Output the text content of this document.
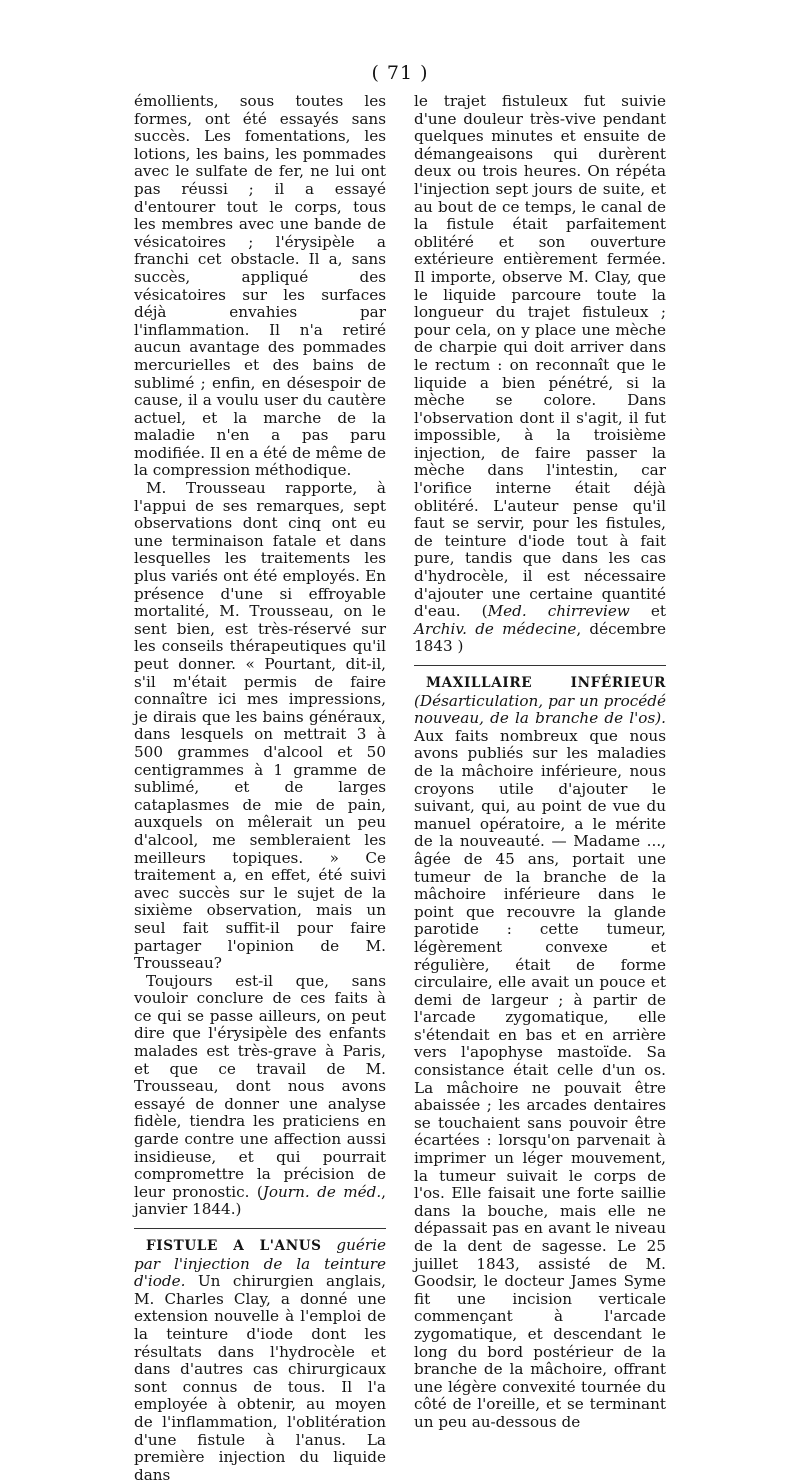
( 71 )

émollients, sous toutes les formes, ont été essayés sans succès. Les fomentations, les lotions, les bains, les pommades avec le sulfate de fer, ne lui ont pas réussi ; il a essayé d'entourer tout le corps, tous les membres avec une bande de vésicatoires ; l'érysipèle a franchi cet obstacle. Il a, sans succès, appliqué des vésicatoires sur les surfaces déjà envahies par l'inflammation. Il n'a retiré aucun avantage des pommades mercurielles et des bains de sublimé ; enfin, en désespoir de cause, il a voulu user du cautère actuel, et la marche de la maladie n'en a pas paru modifiée. Il en a été de même de la compression méthodique.

M. Trousseau rapporte, à l'appui de ses remarques, sept observations dont cinq ont eu une terminaison fatale et dans lesquelles les traitements les plus variés ont été employés. En présence d'une si effroyable mortalité, M. Trousseau, on le sent bien, est très-réservé sur les conseils thérapeutiques qu'il peut donner. « Pourtant, dit-il, s'il m'était permis de faire connaître ici mes impressions, je dirais que les bains généraux, dans lesquels on mettrait 3 à 500 grammes d'alcool et 50 centigrammes à 1 gramme de sublimé, et de larges cataplasmes de mie de pain, auxquels on mêlerait un peu d'alcool, me sembleraient les meilleurs topiques. » Ce traitement a, en effet, été suivi avec succès sur le sujet de la sixième observation, mais un seul fait suffit-il pour faire partager l'opinion de M. Trousseau?

Toujours est-il que, sans vouloir conclure de ces faits à ce qui se passe ailleurs, on peut dire que l'érysipèle des enfants malades est très-grave à Paris, et que ce travail de M. Trousseau, dont nous avons essayé de donner une analyse fidèle, tiendra les praticiens en garde contre une affection aussi insidieuse, et qui pourrait compromettre la précision de leur pronostic. (Journ. de méd., janvier 1844.)

FISTULE A L'ANUS guérie par l'injection de la teinture d'iode. Un chirurgien anglais, M. Charles Clay, a donné une extension nouvelle à l'emploi de la teinture d'iode dont les résultats dans l'hydrocèle et dans d'autres cas chirurgicaux sont connus de tous. Il l'a employée à obtenir, au moyen de l'inflammation, l'oblitération d'une fistule à l'anus. La première injection du liquide dans

le trajet fistuleux fut suivie d'une douleur très-vive pendant quelques minutes et ensuite de démangeaisons qui durèrent deux ou trois heures. On répéta l'injection sept jours de suite, et au bout de ce temps, le canal de la fistule était parfaitement oblitéré et son ouverture extérieure entièrement fermée. Il importe, observe M. Clay, que le liquide parcoure toute la longueur du trajet fistuleux ; pour cela, on y place une mèche de charpie qui doit arriver dans le rectum : on reconnaît que le liquide a bien pénétré, si la mèche se colore. Dans l'observation dont il s'agit, il fut impossible, à la troisième injection, de faire passer la mèche dans l'intestin, car l'orifice interne était déjà oblitéré. L'auteur pense qu'il faut se servir, pour les fistules, de teinture d'iode tout à fait pure, tandis que dans les cas d'hydrocèle, il est nécessaire d'ajouter une certaine quantité d'eau. (Med. chirreview et Archiv. de médecine, décembre 1843 )

MAXILLAIRE INFÉRIEUR (Désarticulation, par un procédé nouveau, de la branche de l'os). Aux faits nombreux que nous avons publiés sur les maladies de la mâchoire inférieure, nous croyons utile d'ajouter le suivant, qui, au point de vue du manuel opératoire, a le mérite de la nouveauté. — Madame ..., âgée de 45 ans, portait une tumeur de la branche de la mâchoire inférieure dans le point que recouvre la glande parotide : cette tumeur, légèrement convexe et régulière, était de forme circulaire, elle avait un pouce et demi de largeur ; à partir de l'arcade zygomatique, elle s'étendait en bas et en arrière vers l'apophyse mastoïde. Sa consistance était celle d'un os. La mâchoire ne pouvait être abaissée ; les arcades dentaires se touchaient sans pouvoir être écartées : lorsqu'on parvenait à imprimer un léger mouvement, la tumeur suivait le corps de l'os. Elle faisait une forte saillie dans la bouche, mais elle ne dépassait pas en avant le niveau de la dent de sagesse. Le 25 juillet 1843, assisté de M. Goodsir, le docteur James Syme fit une incision verticale commençant à l'arcade zygomatique, et descendant le long du bord postérieur de la branche de la mâchoire, offrant une légère convexité tournée du côté de l'oreille, et se terminant un peu au-dessous de
